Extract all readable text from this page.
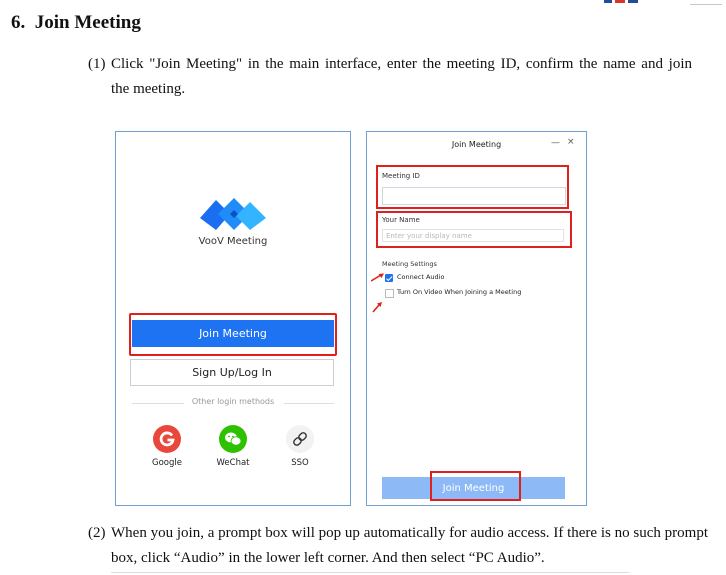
6. Join Meeting
(1) Click "Join Meeting" in the main interface, enter the meeting ID, confirm the name and join
the meeting.
VooV Meeting
Join Meeting
Sign Up/Log In
Other login methods
Google	WeChat	SSO
Join Meeting	— ×
Meeting ID
Your Name
Enter your display name
Meeting Settings
Connect Audio
Turn On Video When Joining a Meeting
Join Meeting
(2) When you join, a prompt box will pop up automatically for audio access. If there is no such prompt
box, click “Audio” in the lower left corner. And then select “PC Audio”.
